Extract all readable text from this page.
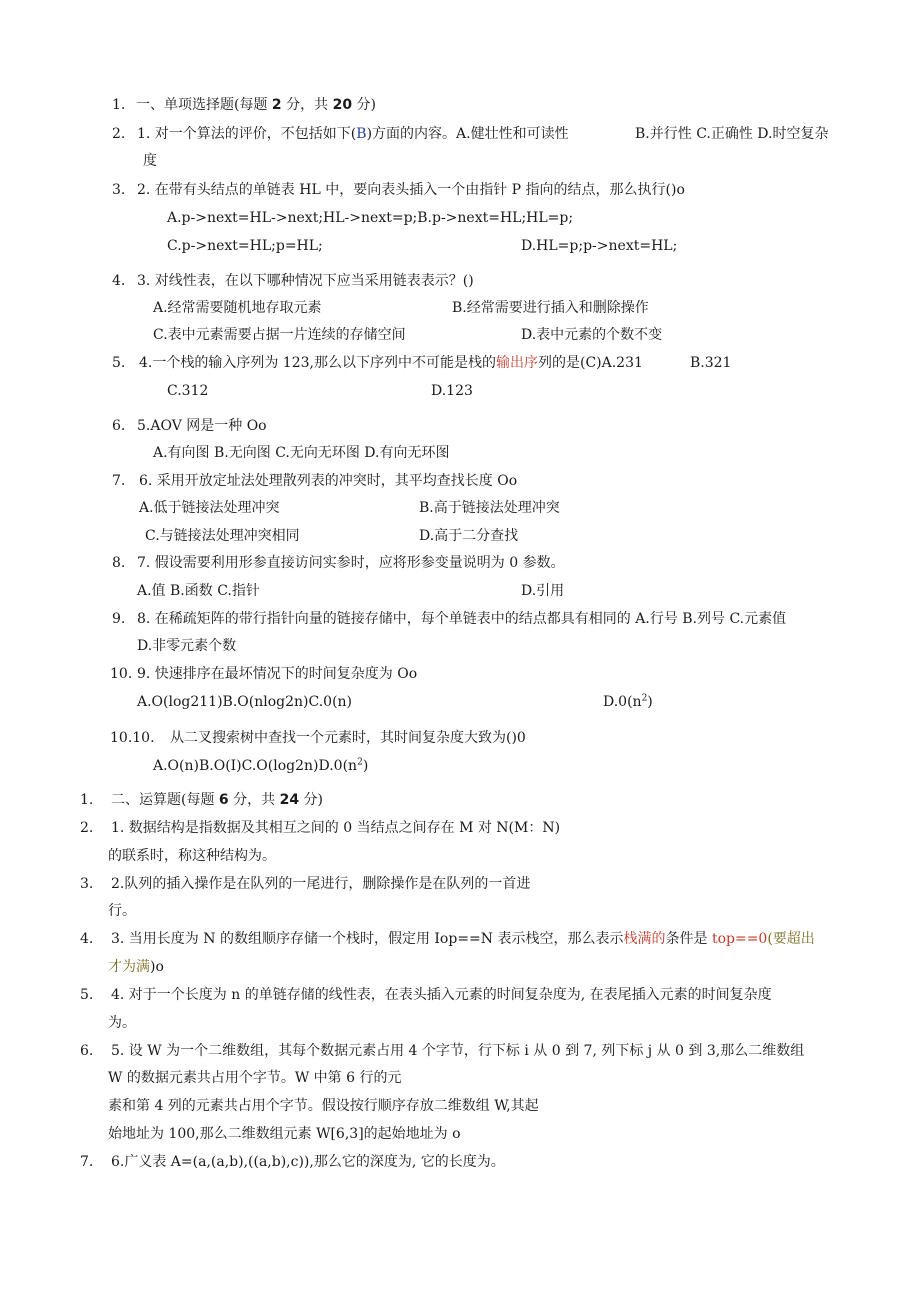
1. 一、单项选择题(每题 2 分，共 20 分)
2. 1. 对一个算法的评价，不包括如下(B)方面的内容。A.健壮性和可读性	B.并行性 C.正确性 D.时空复杂
度
3. 2. 在带有头结点的单链表 HL 中，要向表头插入一个由指针 P 指向的结点，那么执行()o
A.p->next=HL->next;HL->next=p;B.p->next=HL;HL=p;
C.p->next=HL;p=HL;	D.HL=p;p->next=HL;
4. 3. 对线性表，在以下哪种情况下应当采用链表表示？()
A.经常需要随机地存取元素	B.经常需要进行插入和删除操作
C.表中元素需要占据一片连续的存储空间	D.表中元素的个数不变
5. 4.一个栈的输入序列为 123,那么以下序列中不可能是栈的输出序列的是(C)A.231	B.321
C.312	D.123
6. 5.AOV 网是一种 Oo
A.有向图 B.无向图 C.无向无环图 D.有向无环图
7. 6. 采用开放定址法处理散列表的冲突时，其平均查找长度 Oo
A.低于链接法处理冲突	B.高于链接法处理冲突
C.与链接法处理冲突相同	D.高于二分查找
8. 7. 假设需要利用形参直接访问实参时，应将形参变量说明为 0 参数。
A.值 B.函数 C.指针	D.引用
9. 8. 在稀疏矩阵的带行指针向量的链接存储中，每个单链表中的结点都具有相同的 A.行号 B.列号 C.元素值
D.非零元素个数
10. 9. 快速排序在最坏情况下的时间复杂度为 Oo
A.O(log211)B.O(nlog2n)C.0(n)	$D.0(n^2)$
10.10. 从二叉搜索树中查找一个元素时，其时间复杂度大致为()0
$A.O(n)B.O(I)C.O(\log 2n)D.0(n^2)$
1. 二、运算题(每题 6 分，共 24 分)
2. 1. 数据结构是指数据及其相互之间的 0 当结点之间存在 M 对 N(M：N)
的联系时，称这种结构为。
3. 2.队列的插入操作是在队列的一尾进行，删除操作是在队列的一首进
行。
4. 3. 当用长度为 N 的数组顺序存储一个栈时，假定用 Iop==N 表示栈空，那么表示栈满的条件是 top==0(要超出
才为满)o
5. 4. 对于一个长度为 n 的单链存储的线性表，在表头插入元素的时间复杂度为, 在表尾插入元素的时间复杂度
为。
6. 5. 设 W 为一个二维数组，其每个数据元素占用 4 个字节，行下标 i 从 0 到 7, 列下标 j 从 0 到 3,那么二维数组
W 的数据元素共占用个字节。W 中第 6 行的元
素和第 4 列的元素共占用个字节。假设按行顺序存放二维数组 W,其起
始地址为 100,那么二维数组元素 W[6,3]的起始地址为 o
7. 6.广义表 A=(a,(a,b),((a,b),c)),那么它的深度为, 它的长度为。
